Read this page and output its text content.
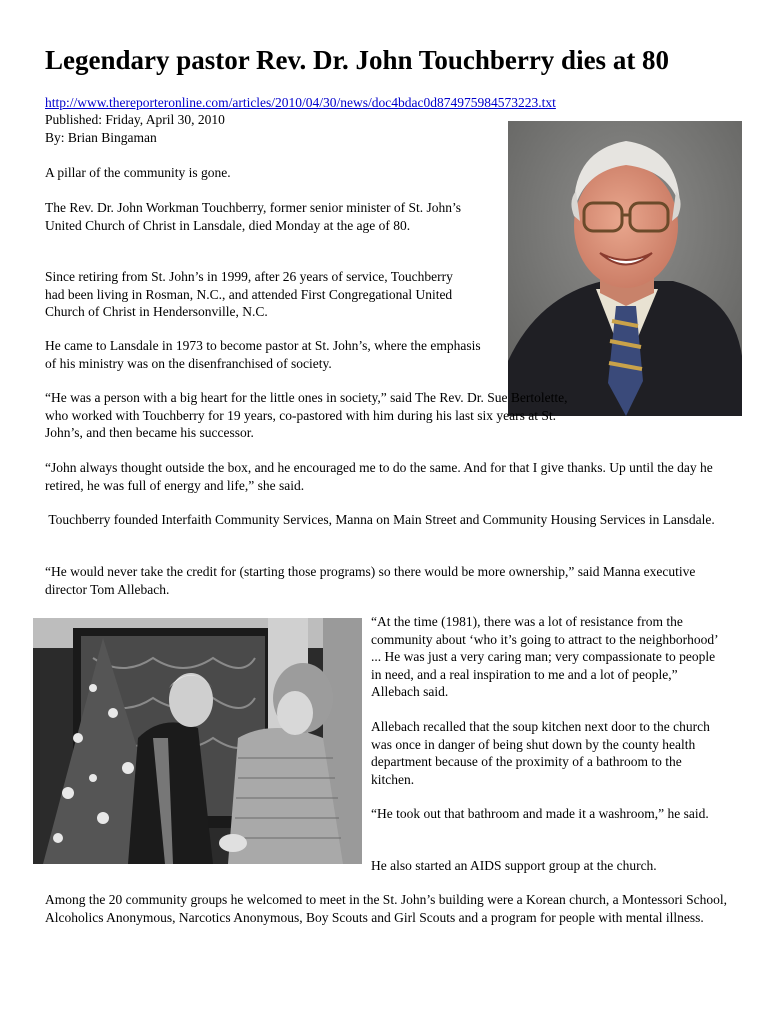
Legendary pastor Rev. Dr. John Touchberry dies at 80
http://www.thereporteronline.com/articles/2010/04/30/news/doc4bdac0d874975984573223.txt
Published: Friday, April 30, 2010
By: Brian Bingaman

A pillar of the community is gone.

The Rev. Dr. John Workman Touchberry, former senior minister of St. John’s United Church of Christ in Lansdale, died Monday at the age of 80.

Since retiring from St. John’s in 1999, after 26 years of service, Touchberry had been living in Rosman, N.C., and attended First Congregational United Church of Christ in Hendersonville, N.C.

He came to Lansdale in 1973 to become pastor at St. John’s, where the emphasis of his ministry was on the disenfranchised of society.

“He was a person with a big heart for the little ones in society,” said The Rev. Dr. Sue Bertolette, who worked with Touchberry for 19 years, co-pastored with him during his last six years at St. John’s, and then became his successor.

“John always thought outside the box, and he encouraged me to do the same. And for that I give thanks. Up until the day he retired, he was full of energy and life,” she said.

Touchberry founded Interfaith Community Services, Manna on Main Street and Community Housing Services in Lansdale.

“He would never take the credit for (starting those programs) so there would be more ownership,” said Manna executive director Tom Allebach.

“At the time (1981), there was a lot of resistance from the community about ‘who it’s going to attract to the neighborhood’ ... He was just a very caring man; very compassionate to people in need, and a real inspiration to me and a lot of people,” Allebach said.

Allebach recalled that the soup kitchen next door to the church was once in danger of being shut down by the county health department because of the proximity of a bathroom to the kitchen.

“He took out that bathroom and made it a washroom,” he said.

He also started an AIDS support group at the church.

Among the 20 community groups he welcomed to meet in the St. John’s building were a Korean church, a Montessori School, Alcoholics Anonymous, Narcotics Anonymous, Boy Scouts and Girl Scouts and a program for people with mental illness.
